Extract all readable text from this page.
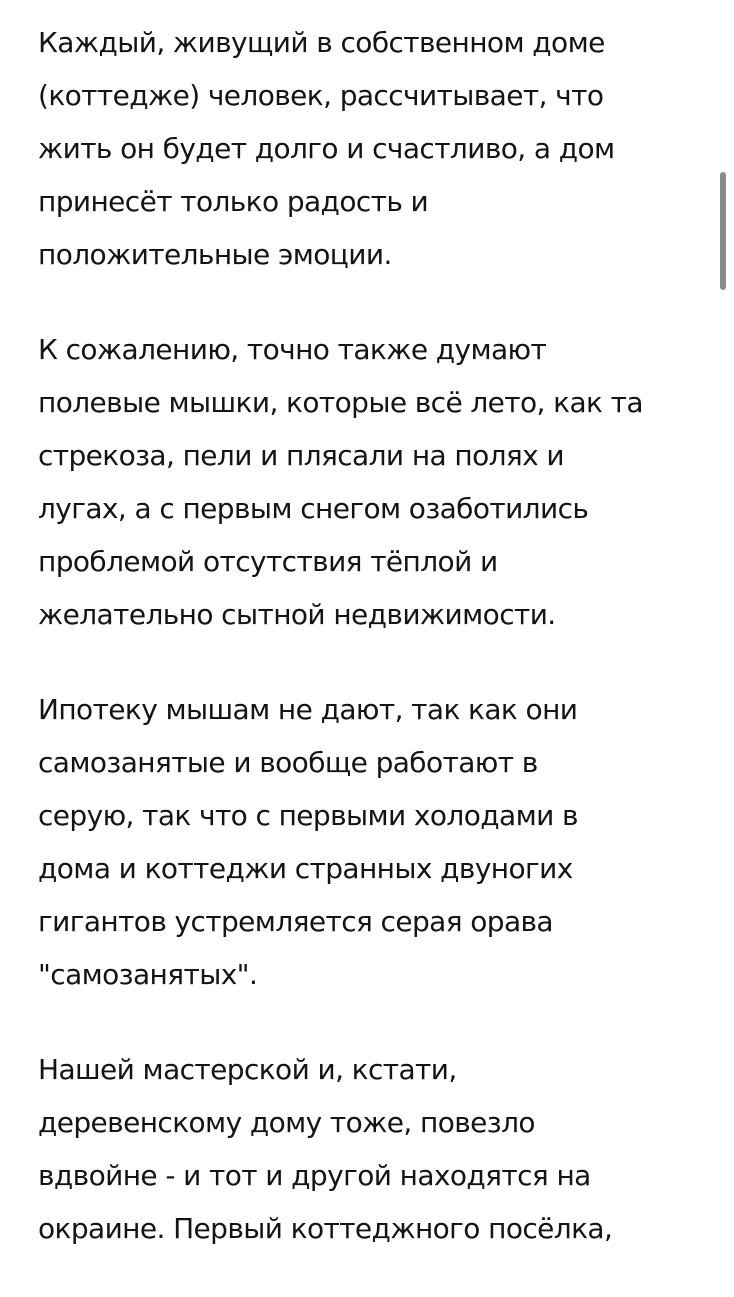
Каждый, живущий в собственном доме
(коттедже) человек, рассчитывает, что
жить он будет долго и счастливо, а дом
принесёт только радость и
положительные эмоции.

К сожалению, точно также думают
полевые мышки, которые всё лето, как та
стрекоза, пели и плясали на полях и
лугах, а с первым снегом озаботились
проблемой отсутствия тёплой и
желательно сытной недвижимости.

Ипотеку мышам не дают, так как они
самозанятые и вообще работают в
серую, так что с первыми холодами в
дома и коттеджи странных двуногих
гигантов устремляется серая орава
"самозанятых".

Нашей мастерской и, кстати,
деревенскому дому тоже, повезло
вдвойне - и тот и другой находятся на
окраине. Первый коттеджного посёлка,
